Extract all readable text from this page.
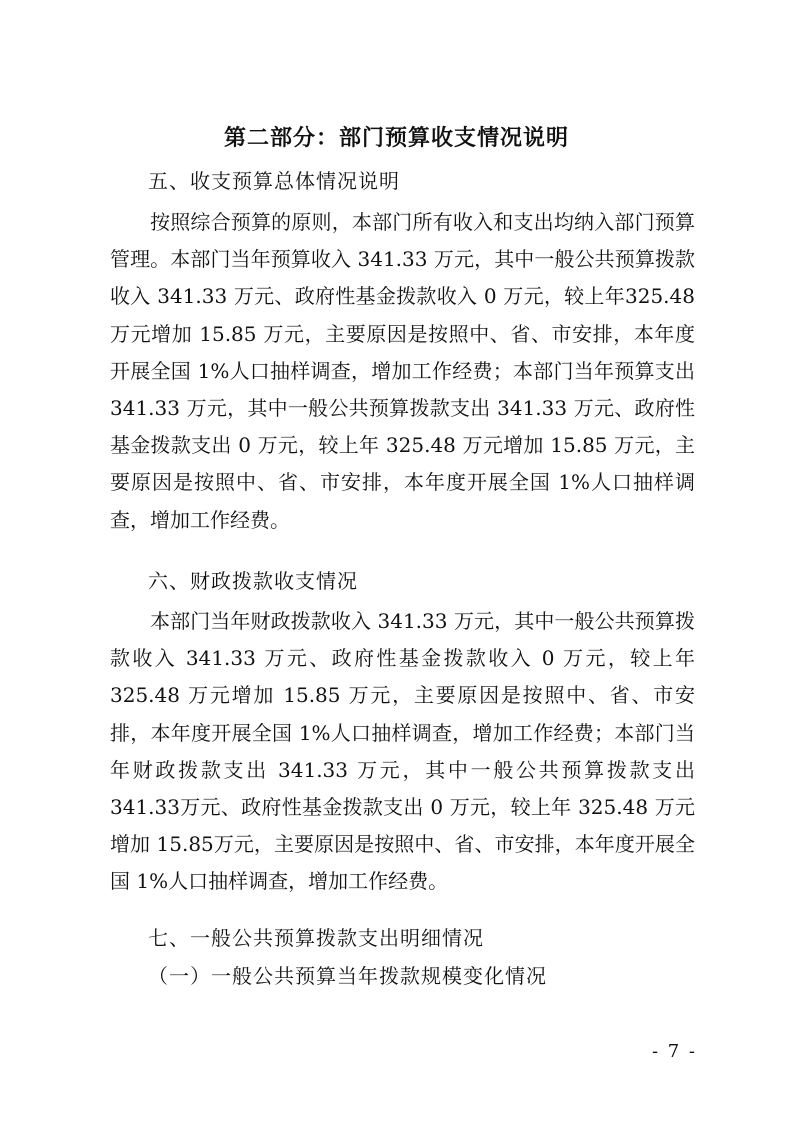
第二部分：部门预算收支情况说明
五、收支预算总体情况说明

按照综合预算的原则，本部门所有收入和支出均纳入部门预算管理。本部门当年预算收入 341.33 万元，其中一般公共预算拨款收入 341.33 万元、政府性基金拨款收入 0 万元，较上年325.48 万元增加 15.85 万元，主要原因是按照中、省、市安排，本年度开展全国 1%人口抽样调查，增加工作经费；本部门当年预算支出 341.33 万元，其中一般公共预算拨款支出 341.33 万元、政府性基金拨款支出 0 万元，较上年 325.48 万元增加 15.85 万元，主要原因是按照中、省、市安排，本年度开展全国 1%人口抽样调查，增加工作经费。

六、财政拨款收支情况

本部门当年财政拨款收入 341.33 万元，其中一般公共预算拨款收入 341.33 万元、政府性基金拨款收入 0 万元，较上年325.48 万元增加 15.85 万元，主要原因是按照中、省、市安排，本年度开展全国 1%人口抽样调查，增加工作经费；本部门当年财政拨款支出 341.33 万元，其中一般公共预算拨款支出 341.33万元、政府性基金拨款支出 0 万元，较上年 325.48 万元增加 15.85万元，主要原因是按照中、省、市安排，本年度开展全国 1%人口抽样调查，增加工作经费。

七、一般公共预算拨款支出明细情况
（一）一般公共预算当年拨款规模变化情况
- 7 -
